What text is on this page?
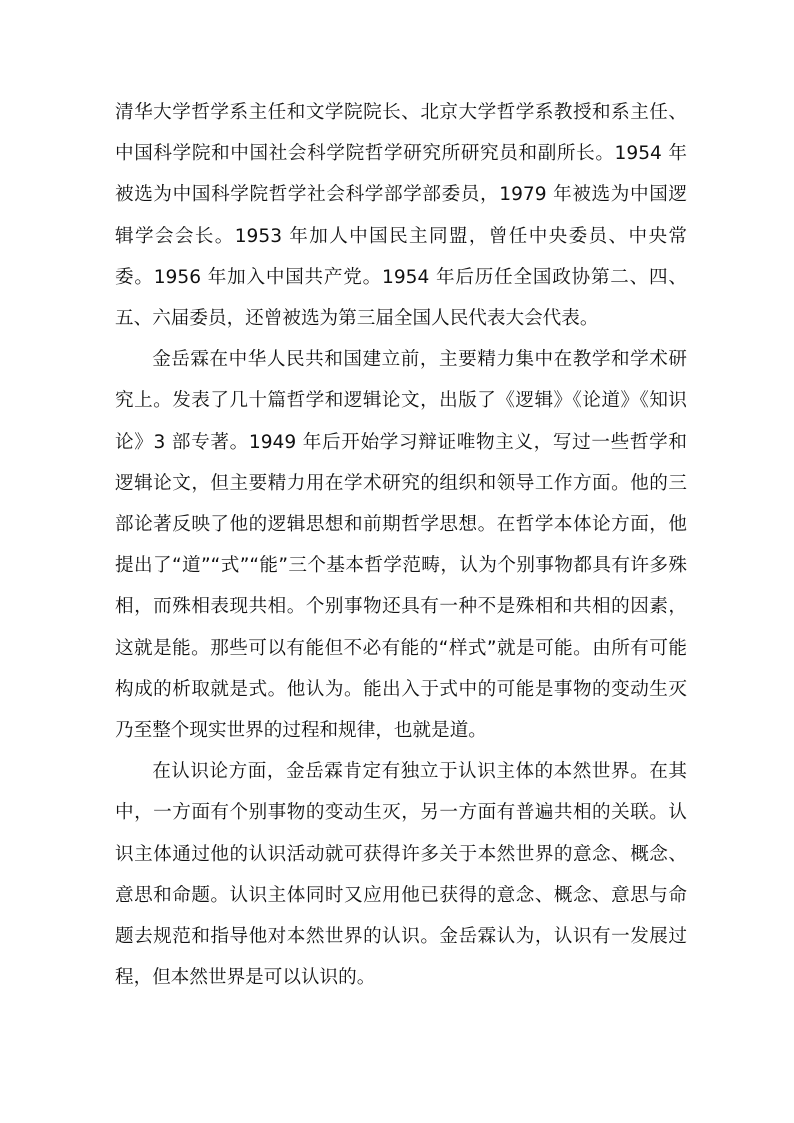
清华大学哲学系主任和文学院院长、北京大学哲学系教授和系主任、中国科学院和中国社会科学院哲学研究所研究员和副所长。1954 年被选为中国科学院哲学社会科学部学部委员，1979 年被选为中国逻辑学会会长。1953 年加人中国民主同盟，曾任中央委员、中央常委。1956 年加入中国共产党。1954 年后历任全国政协第二、四、五、六届委员，还曾被选为第三届全国人民代表大会代表。

金岳霖在中华人民共和国建立前，主要精力集中在教学和学术研究上。发表了几十篇哲学和逻辑论文，出版了《逻辑》《论道》《知识论》3 部专著。1949 年后开始学习辩证唯物主义，写过一些哲学和逻辑论文，但主要精力用在学术研究的组织和领导工作方面。他的三部论著反映了他的逻辑思想和前期哲学思想。在哲学本体论方面，他提出了“道”“式”“能”三个基本哲学范畴，认为个别事物都具有许多殊相，而殊相表现共相。个别事物还具有一种不是殊相和共相的因素，这就是能。那些可以有能但不必有能的“样式”就是可能。由所有可能构成的析取就是式。他认为。能出入于式中的可能是事物的变动生灭乃至整个现实世界的过程和规律，也就是道。

在认识论方面，金岳霖肯定有独立于认识主体的本然世界。在其中，一方面有个别事物的变动生灭，另一方面有普遍共相的关联。认识主体通过他的认识活动就可获得许多关于本然世界的意念、概念、意思和命题。认识主体同时又应用他已获得的意念、概念、意思与命题去规范和指导他对本然世界的认识。金岳霖认为，认识有一发展过程，但本然世界是可以认识的。
